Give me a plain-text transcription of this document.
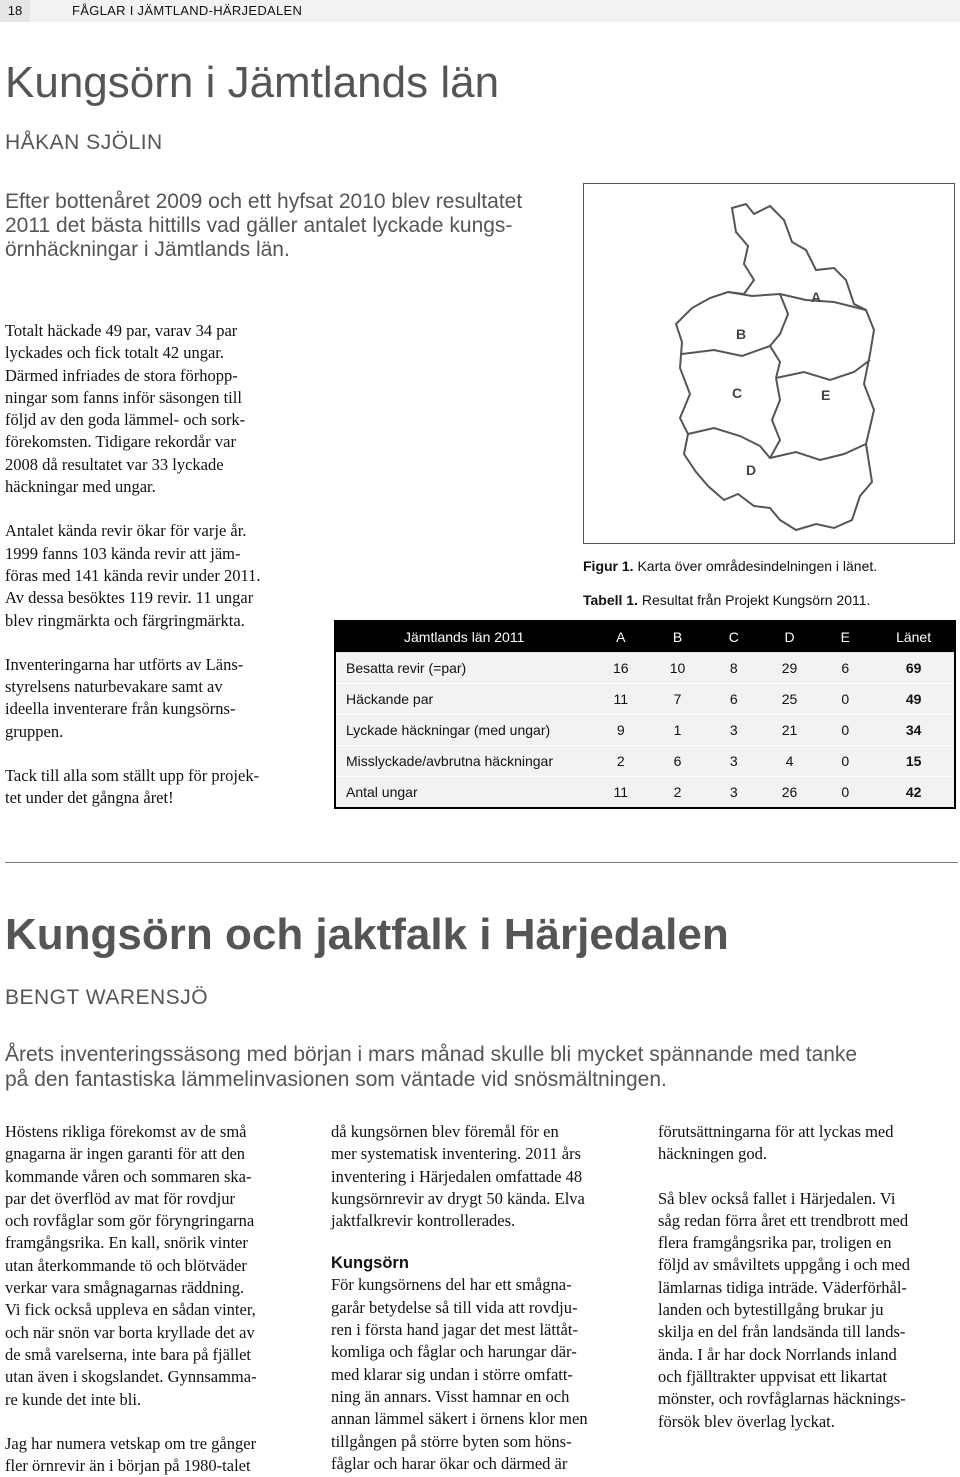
18	FÅGLAR I JÄMTLAND-HÄRJEDALEN
Kungsörn i Jämtlands län
HÅKAN SJÖLIN
Efter bottenåret 2009 och ett hyfsat 2010 blev resultatet
2011 det bästa hittills vad gäller antalet lyckade kungs-
örnhäckningar i Jämtlands län.

Totalt häckade 49 par, varav 34 par
lyckades och fick totalt 42 ungar.
Därmed infriades de stora förhopp-
ningar som fanns inför säsongen till
följd av den goda lämmel- och sork-
förekomsten. Tidigare rekordår var
2008 då resultatet var 33 lyckade
häckningar med ungar.

Antalet kända revir ökar för varje år.
1999 fanns 103 kända revir att jäm-
föras med 141 kända revir under 2011.
Av dessa besöktes 119 revir. 11 ungar
blev ringmärkta och färgringmärkta.

Inventeringarna har utförts av Läns-
styrelsens naturbevakare samt av
ideella inventerare från kungsörns-
gruppen.

Tack till alla som ställt upp för projek-
tet under det gångna året!

A
B
C
D
E
Figur 1. Karta över områdesindelningen i länet.
Tabell 1. Resultat från Projekt Kungsörn 2011.
Jämtlands län 2011	A	B	C	D	E	Länet
Besatta revir (=par)	16	10	8	29	6	69
Häckande par	11	7	6	25	0	49
Lyckade häckningar (med ungar)	9	1	3	21	0	34
Misslyckade/avbrutna häckningar	2	6	3	4	0	15
Antal ungar	11	2	3	26	0	42
Kungsörn och jaktfalk i Härjedalen
BENGT WARENSJÖ
Årets inventeringssäsong med början i mars månad skulle bli mycket spännande med tanke
på den fantastiska lämmelinvasionen som väntade vid snösmältningen.

Höstens rikliga förekomst av de små
gnagarna är ingen garanti för att den
kommande våren och sommaren ska-
par det överflöd av mat för rovdjur
och rovfåglar som gör föryngringarna
framgångsrika. En kall, snörik vinter
utan återkommande tö och blötväder
verkar vara smågnagarnas räddning.
Vi fick också uppleva en sådan vinter,
och när snön var borta kryllade det av
de små varelserna, inte bara på fjället
utan även i skogslandet. Gynnsamma-
re kunde det inte bli.

Jag har numera vetskap om tre gånger
fler örnrevir än i början på 1980-talet

då kungsörnen blev föremål för en
mer systematisk inventering. 2011 års
inventering i Härjedalen omfattade 48
kungsörnrevir av drygt 50 kända. Elva
jaktfalkrevir kontrollerades.

Kungsörn

För kungsörnens del har ett smågna-
garår betydelse så till vida att rovdju-
ren i första hand jagar det mest lättåt-
komliga och fåglar och harungar där-
med klarar sig undan i större omfatt-
ning än annars. Visst hamnar en och
annan lämmel säkert i örnens klor men
tillgången på större byten som höns-
fåglar och harar ökar och därmed är

förutsättningarna för att lyckas med
häckningen god.

Så blev också fallet i Härjedalen. Vi
såg redan förra året ett trendbrott med
flera framgångsrika par, troligen en
följd av småviltets uppgång i och med
lämlarnas tidiga inträde. Väderförhål-
landen och bytestillgång brukar ju
skilja en del från landsända till lands-
ända. I år har dock Norrlands inland
och fjälltrakter uppvisat ett likartat
mönster, och rovfåglarnas häcknings-
försök blev överlag lyckat.
